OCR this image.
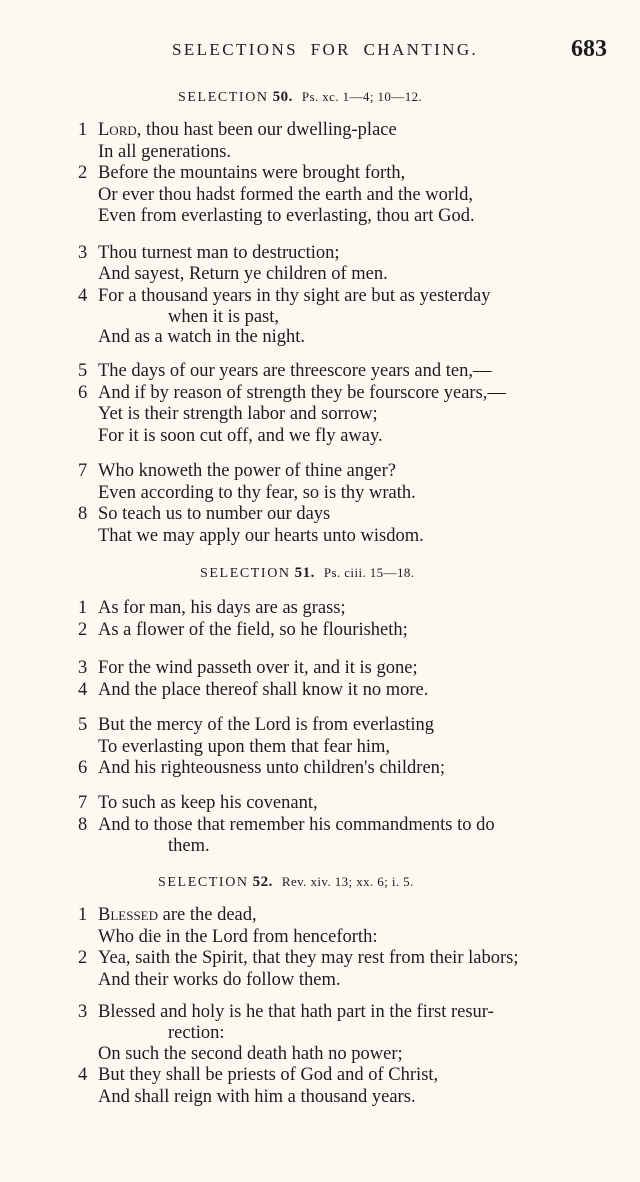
SELECTIONS FOR CHANTING.	683
SELECTION 50. Ps. xc. 1—4; 10—12.
SELECTION 51. Ps. ciii. 15—18.
SELECTION 52. Rev. xiv. 13; xx. 6; i. 5.
1 Lord, thou hast been our dwelling-place
In all generations.
2 Before the mountains were brought forth,
Or ever thou hadst formed the earth and the world,
Even from everlasting to everlasting, thou art God.
3 Thou turnest man to destruction;
And sayest, Return ye children of men.
4 For a thousand years in thy sight are but as yesterday
when it is past,
And as a watch in the night.
5 The days of our years are threescore years and ten,—
6 And if by reason of strength they be fourscore years,—
Yet is their strength labor and sorrow;
For it is soon cut off, and we fly away.
7 Who knoweth the power of thine anger?
Even according to thy fear, so is thy wrath.
8 So teach us to number our days
That we may apply our hearts unto wisdom.
1 As for man, his days are as grass;
2 As a flower of the field, so he flourisheth;
3 For the wind passeth over it, and it is gone;
4 And the place thereof shall know it no more.
5 But the mercy of the Lord is from everlasting
To everlasting upon them that fear him,
6 And his righteousness unto children's children;
7 To such as keep his covenant,
8 And to those that remember his commandments to do
them.
1 Blessed are the dead,
Who die in the Lord from henceforth:
2 Yea, saith the Spirit, that they may rest from their labors;
And their works do follow them.
3 Blessed and holy is he that hath part in the first resur-
rection:
On such the second death hath no power;
4 But they shall be priests of God and of Christ,
And shall reign with him a thousand years.
